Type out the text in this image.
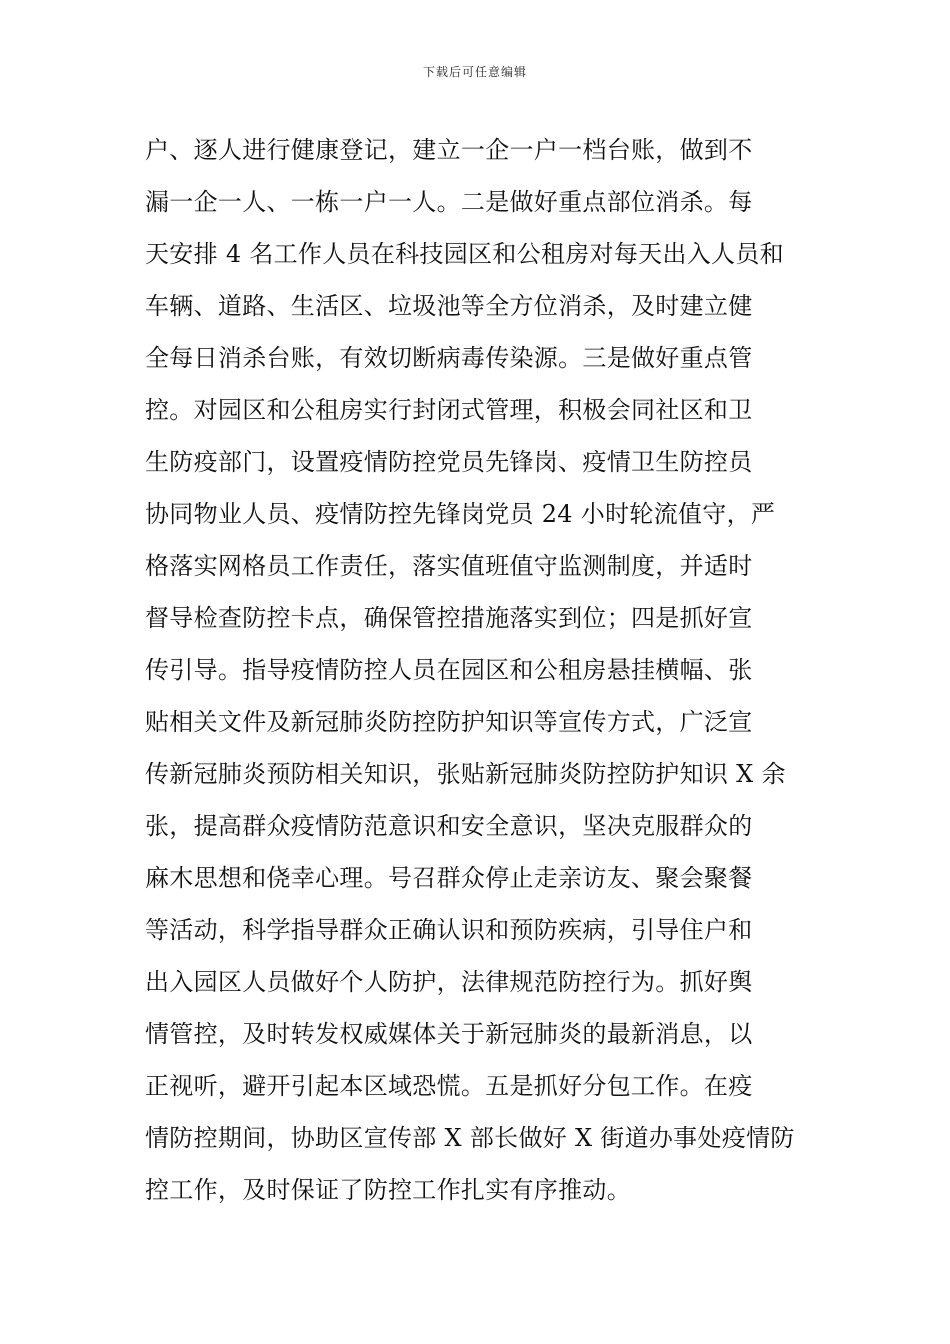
下载后可任意编辑
户、逐人进行健康登记，建立一企一户一档台账，做到不
漏一企一人、一栋一户一人。二是做好重点部位消杀。每
天安排 4 名工作人员在科技园区和公租房对每天出入人员和
车辆、道路、生活区、垃圾池等全方位消杀，及时建立健
全每日消杀台账，有效切断病毒传染源。三是做好重点管
控。对园区和公租房实行封闭式管理，积极会同社区和卫
生防疫部门，设置疫情防控党员先锋岗、疫情卫生防控员
协同物业人员、疫情防控先锋岗党员 24 小时轮流值守，严
格落实网格员工作责任，落实值班值守监测制度，并适时
督导检查防控卡点，确保管控措施落实到位；四是抓好宣
传引导。指导疫情防控人员在园区和公租房悬挂横幅、张
贴相关文件及新冠肺炎防控防护知识等宣传方式，广泛宣
传新冠肺炎预防相关知识，张贴新冠肺炎防控防护知识 X 余
张，提高群众疫情防范意识和安全意识，坚决克服群众的
麻木思想和侥幸心理。号召群众停止走亲访友、聚会聚餐
等活动，科学指导群众正确认识和预防疾病，引导住户和
出入园区人员做好个人防护，法律规范防控行为。抓好舆
情管控，及时转发权威媒体关于新冠肺炎的最新消息，以
正视听，避开引起本区域恐慌。五是抓好分包工作。在疫
情防控期间，协助区宣传部 X 部长做好 X 街道办事处疫情防
控工作，及时保证了防控工作扎实有序推动。
